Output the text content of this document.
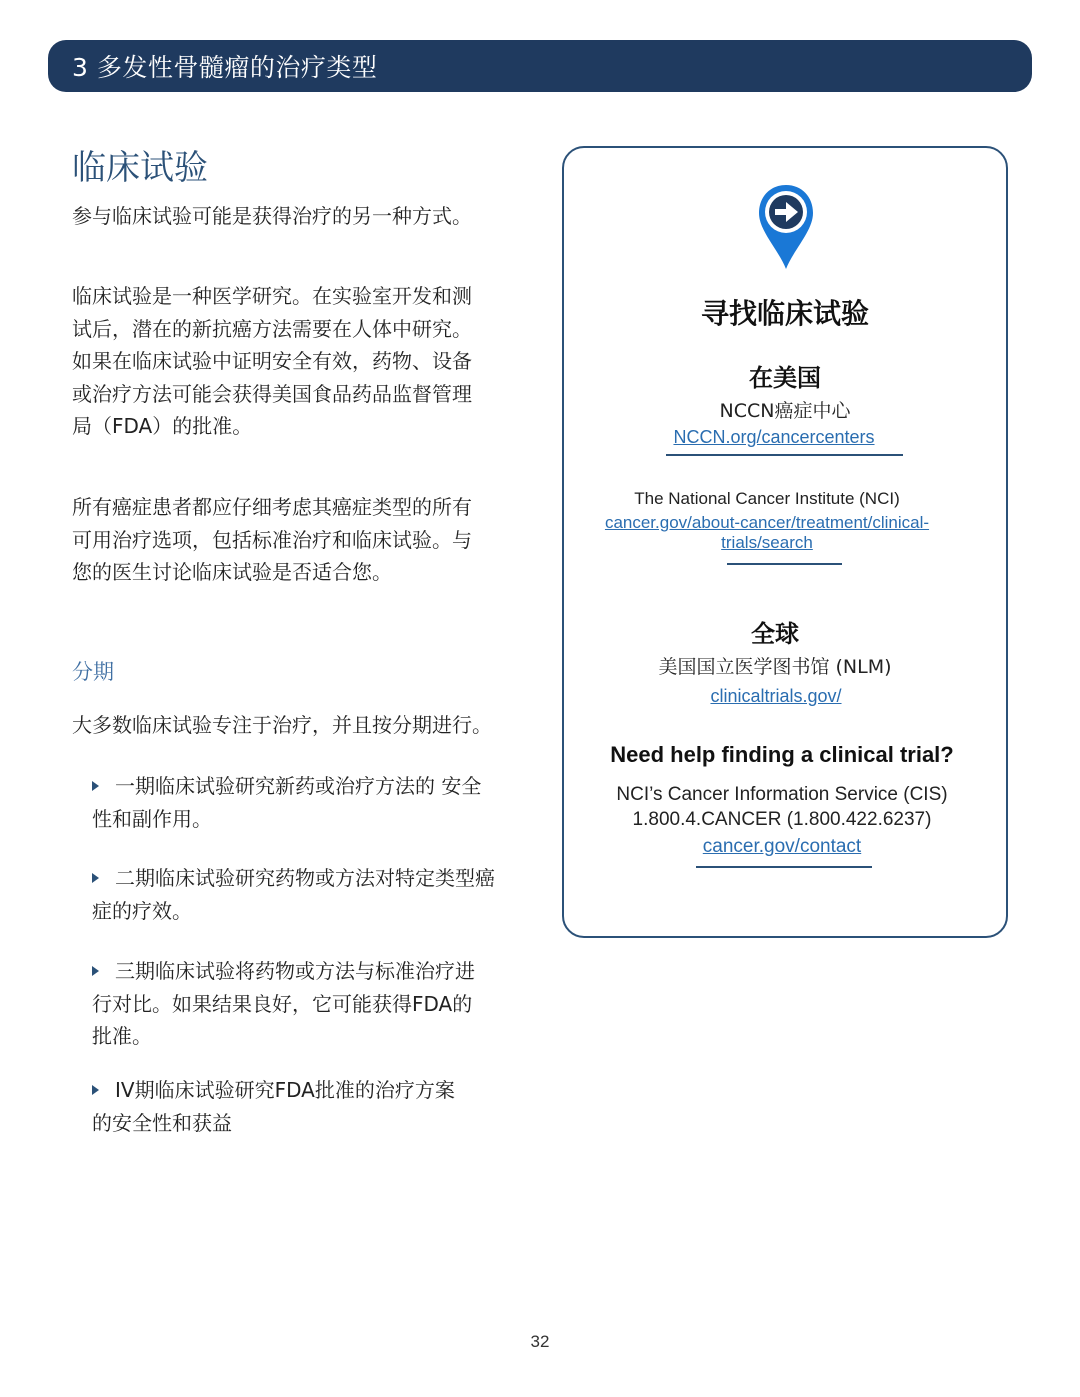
3 多发性骨髓瘤的治疗类型
临床试验
参与临床试验可能是获得治疗的另一种方式。
临床试验是一种医学研究。在实验室开发和测
试后，潜在的新抗癌方法需要在人体中研究。
如果在临床试验中证明安全有效，药物、设备
或治疗方法可能会获得美国食品药品监督管理
局（FDA）的批准。
所有癌症患者都应仔细考虑其癌症类型的所有
可用治疗选项，包括标准治疗和临床试验。与
您的医生讨论临床试验是否适合您。
分期
大多数临床试验专注于治疗，并且按分期进行。
一期临床试验研究新药或治疗方法的 安全
性和副作用。
二期临床试验研究药物或方法对特定类型癌
症的疗效。
三期临床试验将药物或方法与标准治疗进
行对比。如果结果良好，它可能获得FDA的
批准。
IV期临床试验研究FDA批准的治疗方案
的安全性和获益
寻找临床试验
在美国
NCCN癌症中心
NCCN.org/cancercenters
The National Cancer Institute (NCI)
cancer.gov/about-cancer/treatment/clinical-
trials/search
全球
美国国立医学图书馆 (NLM)
clinicaltrials.gov/
Need help finding a clinical trial?
NCI’s Cancer Information Service (CIS)
1.800.4.CANCER (1.800.422.6237)
cancer.gov/contact
32
